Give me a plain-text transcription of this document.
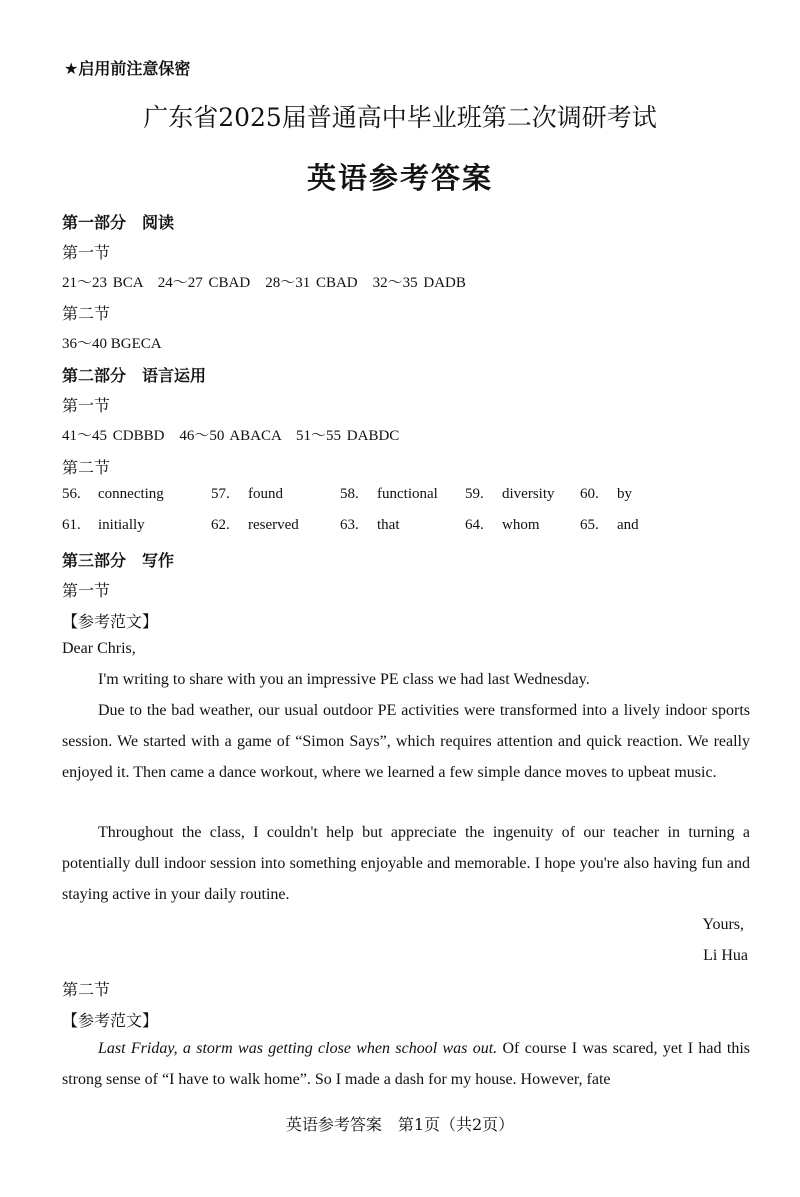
★启用前注意保密
广东省2025届普通高中毕业班第二次调研考试
英语参考答案
第一部分　阅读
第一节
21～23 BCA　24～27 CBAD　28～31 CBAD　32～35 DADB
第二节
36～40 BGECA
第二部分　语言运用
第一节
41～45 CDBBD　46～50 ABACA　51～55 DABDC
第二节
56. connecting	57. found	58. functional 59. diversity 60. by
61. initially	62. reserved	63. that	64. whom	65. and
第三部分　写作
第一节
【参考范文】
Dear Chris,
I'm writing to share with you an impressive PE class we had last Wednesday.
Due to the bad weather, our usual outdoor PE activities were transformed into a lively indoor sports session. We started with a game of “Simon Says”, which requires attention and quick reaction. We really enjoyed it. Then came a dance workout, where we learned a few simple dance moves to upbeat music.
Throughout the class, I couldn't help but appreciate the ingenuity of our teacher in turning a potentially dull indoor session into something enjoyable and memorable. I hope you're also having fun and staying active in your daily routine.
Yours,
Li Hua
第二节
【参考范文】
Last Friday, a storm was getting close when school was out. Of course I was scared, yet I had this strong sense of “I have to walk home”. So I made a dash for my house. However, fate
英语参考答案　第1页（共2页）
